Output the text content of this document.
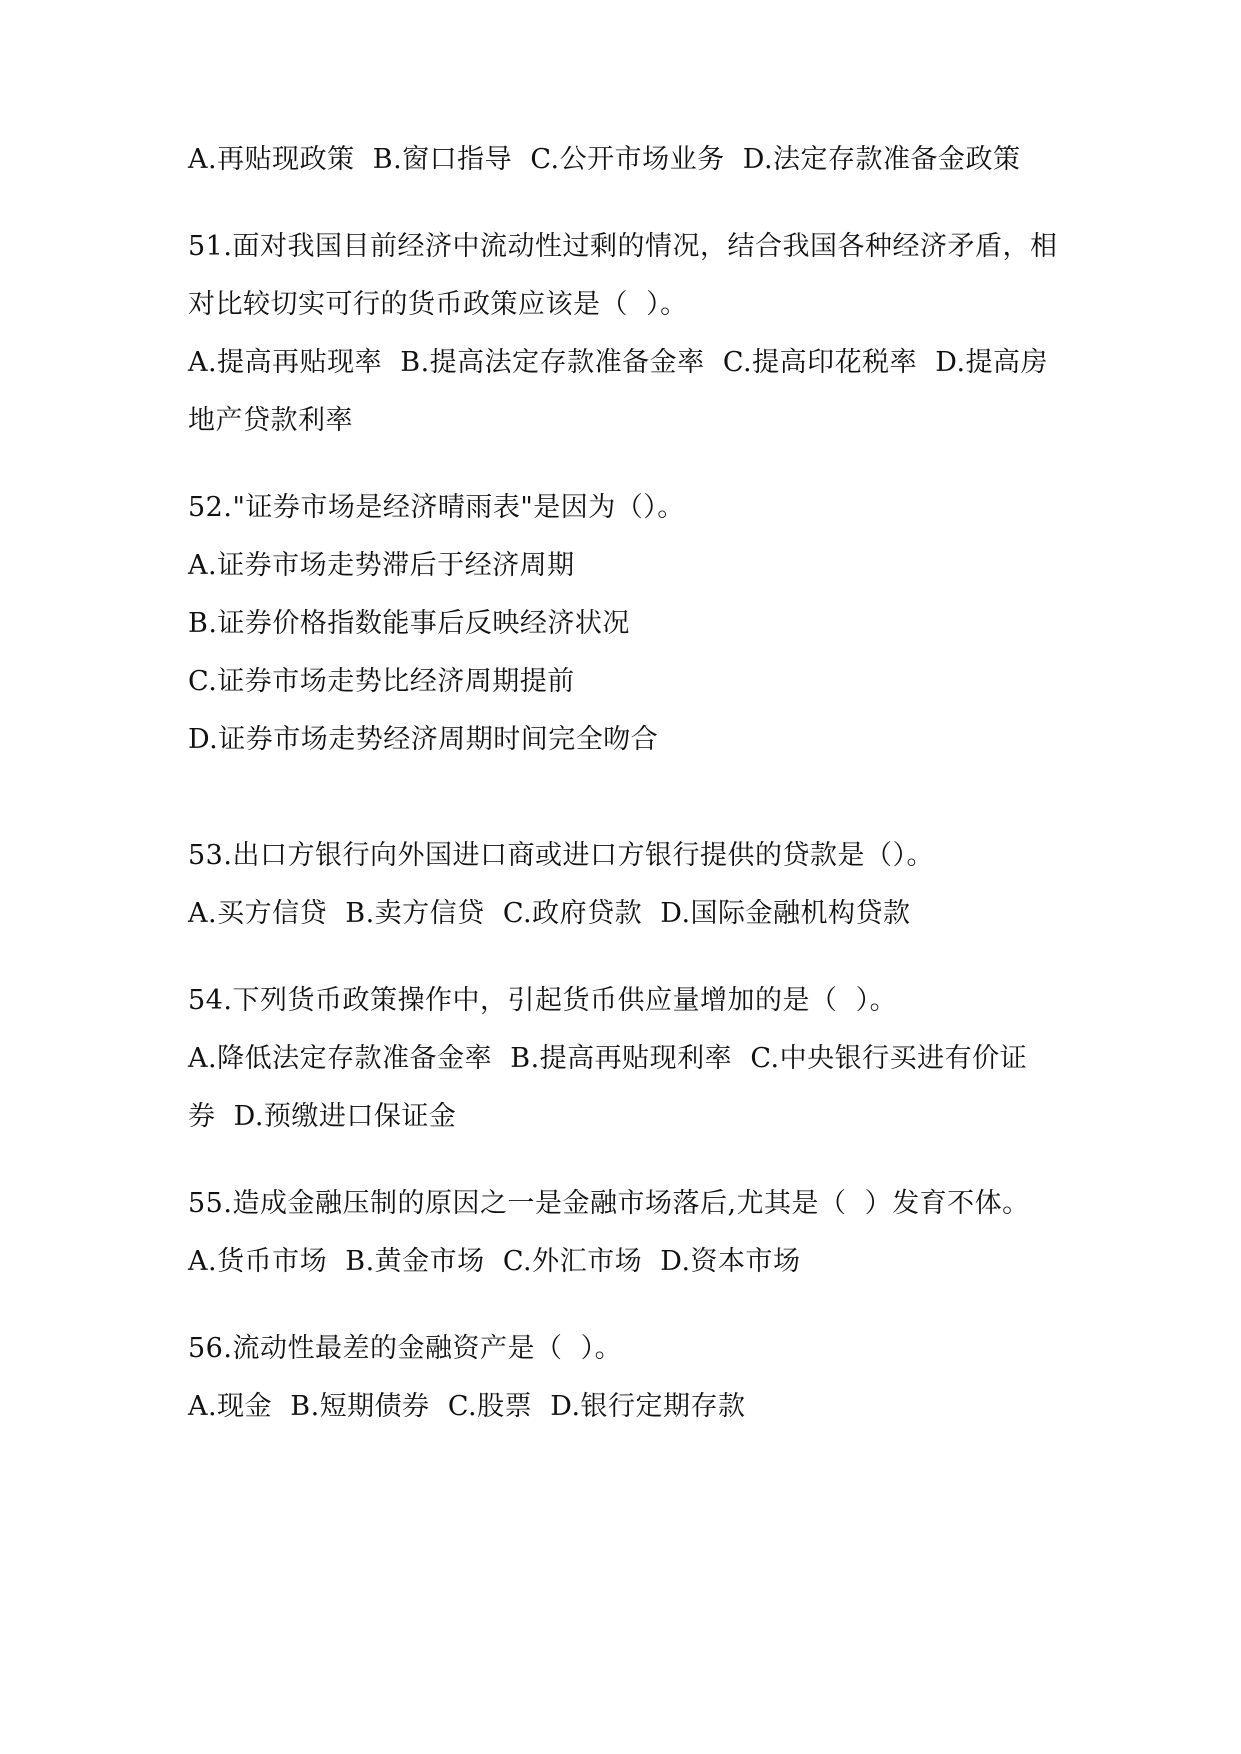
A.再贴现政策  B.窗口指导  C.公开市场业务  D.法定存款准备金政策

51.面对我国目前经济中流动性过剩的情况，结合我国各种经济矛盾，相

对比较切实可行的货币政策应该是（  ）。

A.提高再贴现率  B.提高法定存款准备金率  C.提高印花税率  D.提高房

地产贷款利率

52."证券市场是经济晴雨表"是因为（）。

A.证券市场走势滞后于经济周期

B.证券价格指数能事后反映经济状况

C.证券市场走势比经济周期提前

D.证券市场走势经济周期时间完全吻合

53.出口方银行向外国进口商或进口方银行提供的贷款是（）。

A.买方信贷  B.卖方信贷  C.政府贷款  D.国际金融机构贷款

54.下列货币政策操作中，引起货币供应量增加的是（  ）。

A.降低法定存款准备金率  B.提高再贴现利率  C.中央银行买进有价证

券  D.预缴进口保证金

55.造成金融压制的原因之一是金融市场落后,尤其是（  ）发育不体。

A.货币市场  B.黄金市场  C.外汇市场  D.资本市场

56.流动性最差的金融资产是（  ）。

A.现金  B.短期债券  C.股票  D.银行定期存款
